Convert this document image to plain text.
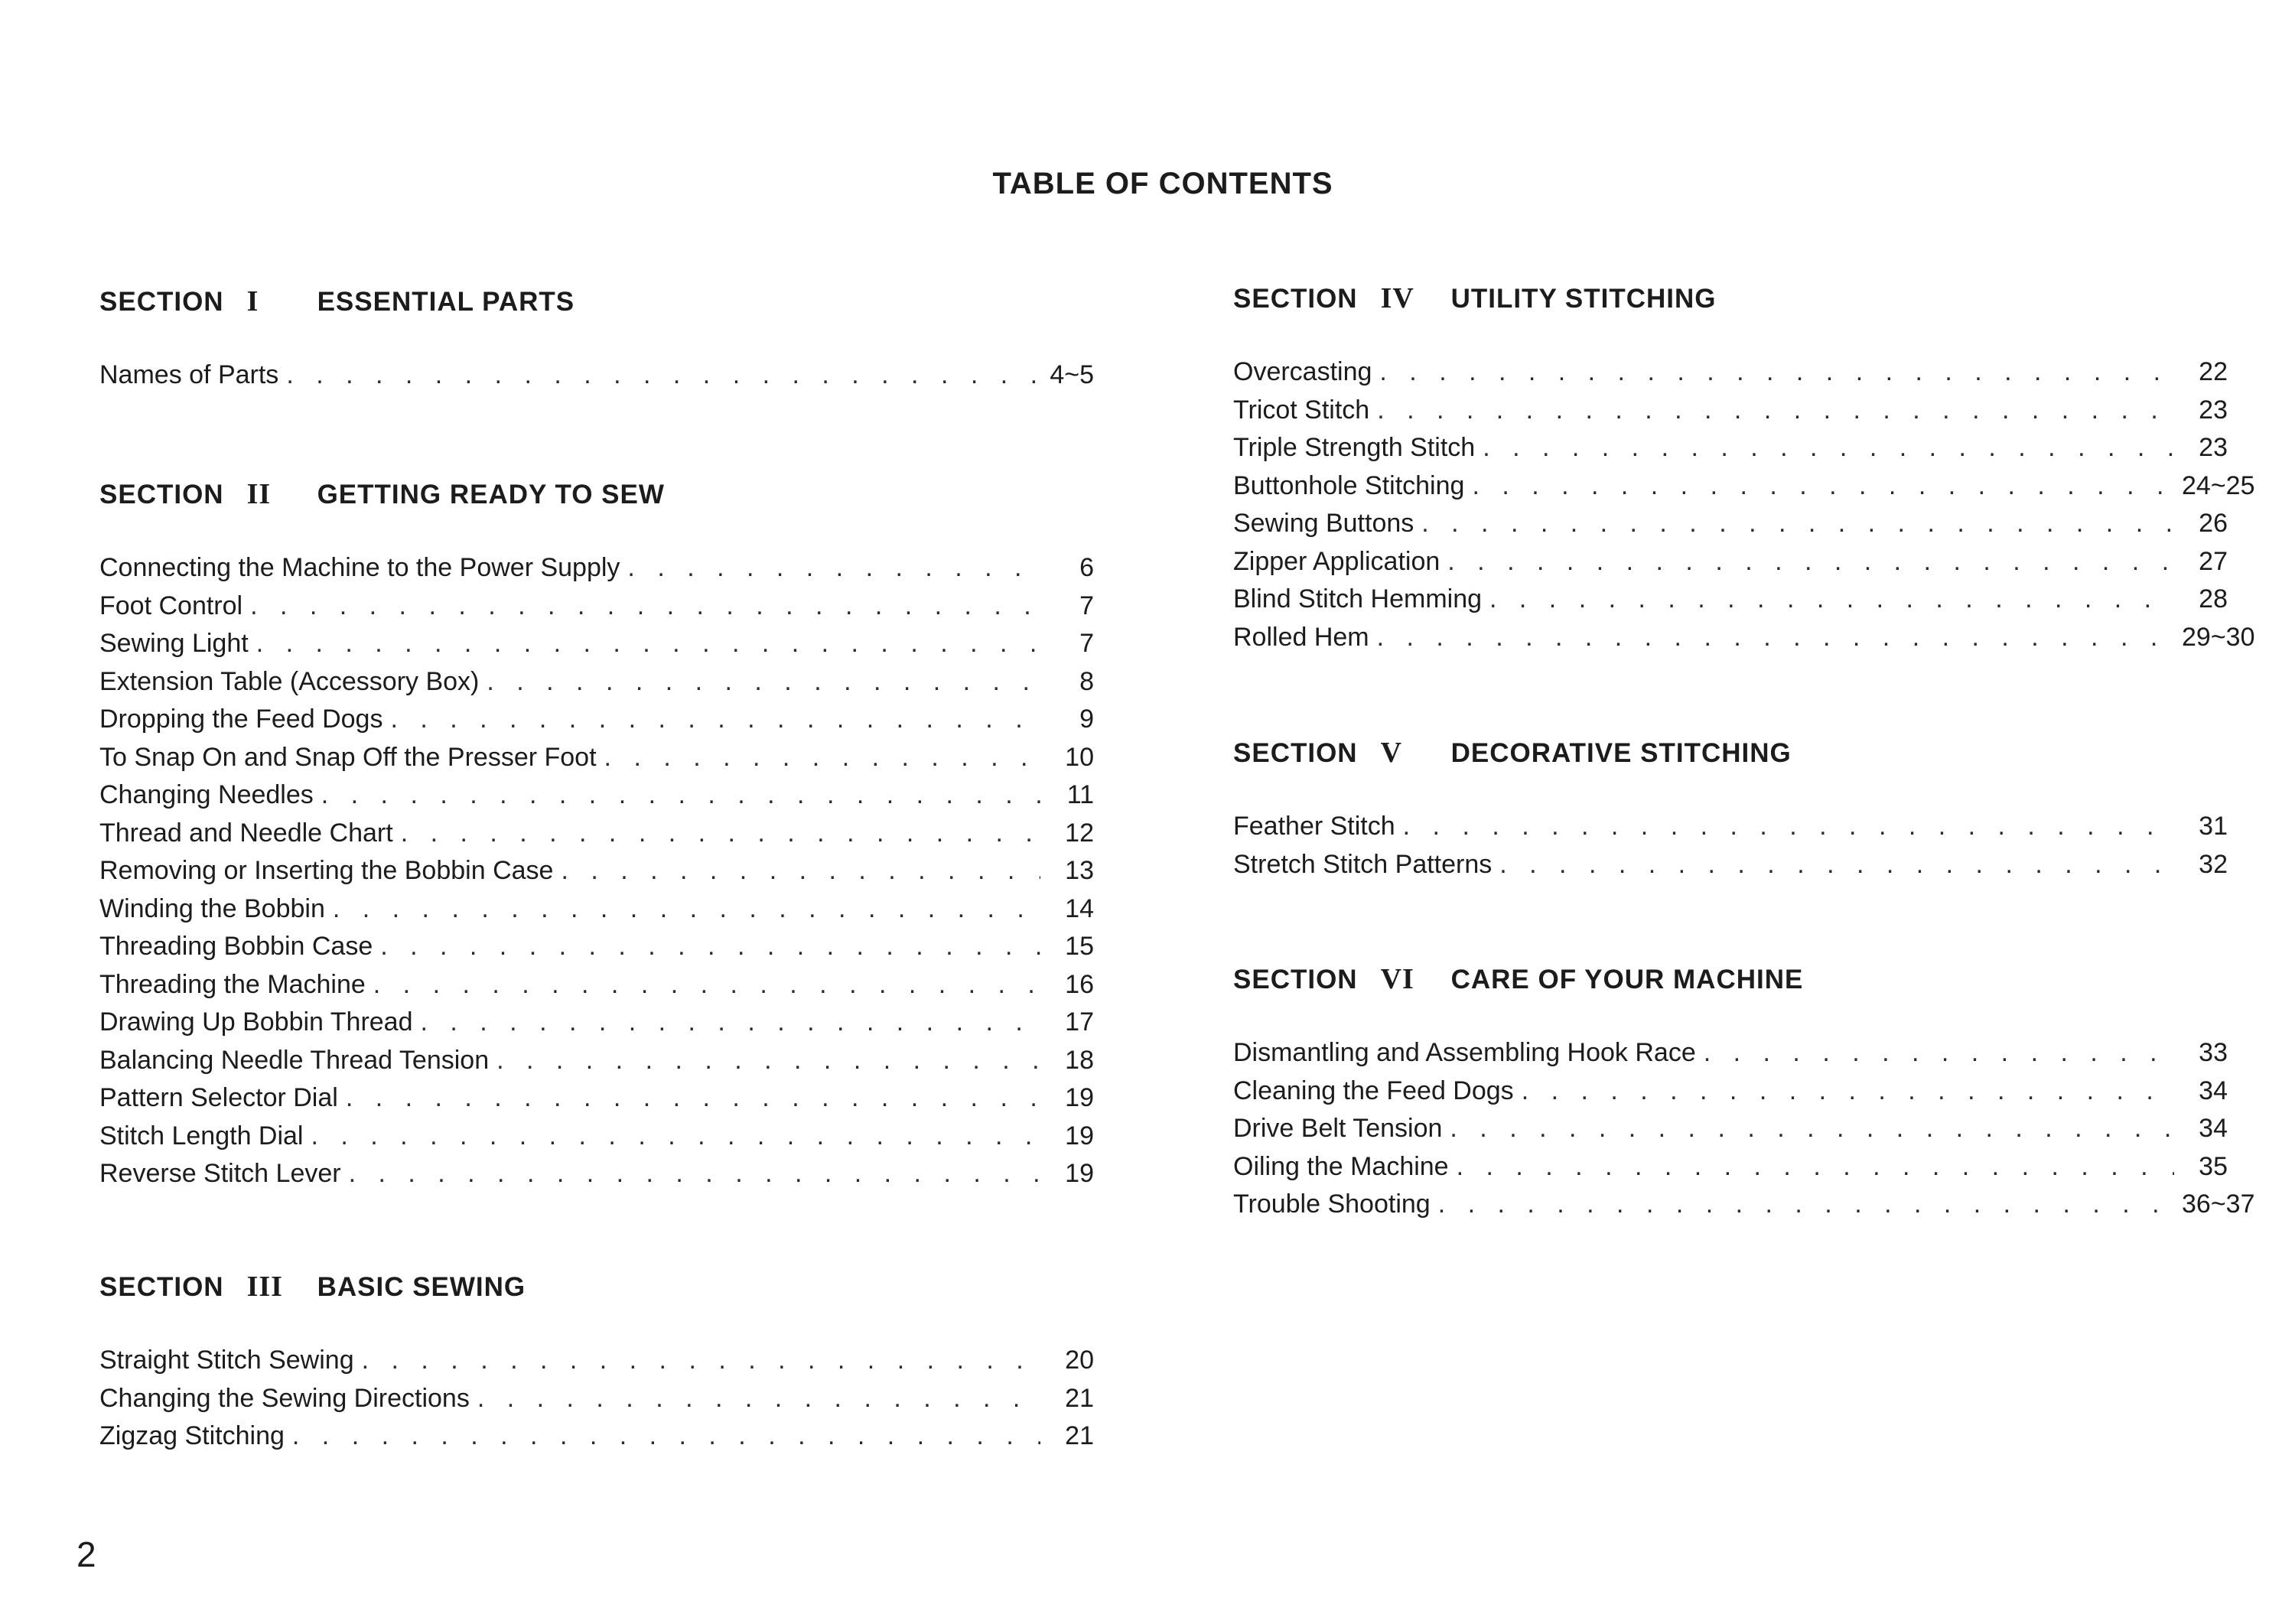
TABLE OF CONTENTS
SECTION I ESSENTIAL PARTS
Names of Parts . . .	4~5
SECTION II GETTING READY TO SEW
Connecting the Machine to the Power Supply . . .	6
Foot Control . . .	7
Sewing Light . . .	7
Extension Table (Accessory Box) . . .	8
Dropping the Feed Dogs . . .	9
To Snap On and Snap Off the Presser Foot . . .	10
Changing Needles . . .	11
Thread and Needle Chart . . .	12
Removing or Inserting the Bobbin Case . . .	13
Winding the Bobbin . . .	14
Threading Bobbin Case . . .	15
Threading the Machine . . .	16
Drawing Up Bobbin Thread . . .	17
Balancing Needle Thread Tension . . .	18
Pattern Selector Dial . . .	19
Stitch Length Dial . . .	19
Reverse Stitch Lever . . .	19
SECTION III BASIC SEWING
Straight Stitch Sewing . . .	20
Changing the Sewing Directions . . .	21
Zigzag Stitching . . .	21
SECTION IV UTILITY STITCHING
Overcasting . . .	22
Tricot Stitch . . .	23
Triple Strength Stitch . . .	23
Buttonhole Stitching . . .	24~25
Sewing Buttons . . .	26
Zipper Application . . .	27
Blind Stitch Hemming . . .	28
Rolled Hem . . .	29~30
SECTION V DECORATIVE STITCHING
Feather Stitch . . .	31
Stretch Stitch Patterns . . .	32
SECTION VI CARE OF YOUR MACHINE
Dismantling and Assembling Hook Race . . .	33
Cleaning the Feed Dogs . . .	34
Drive Belt Tension . . .	34
Oiling the Machine . . .	35
Trouble Shooting . . .	36~37
2
